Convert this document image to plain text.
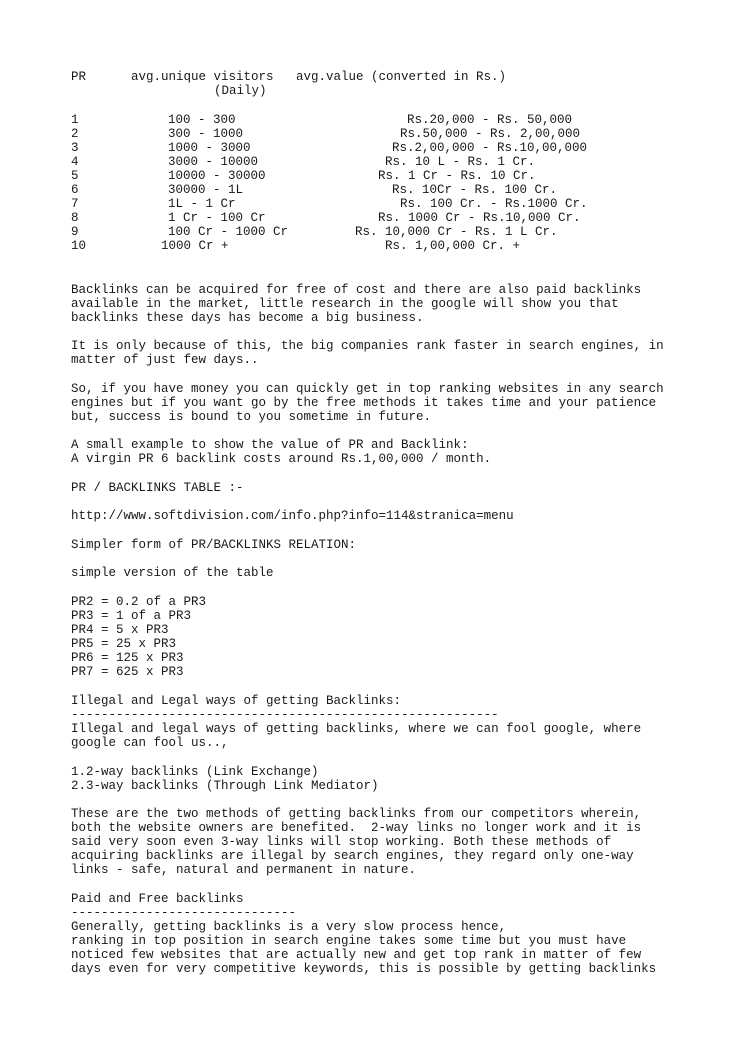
PR	avg.unique visitors avg.value (converted in Rs.)
(Daily)
1	100 - 300	Rs.20,000 - Rs. 50,000
2	300 - 1000	Rs.50,000 - Rs. 2,00,000
3	1000 - 3000	Rs.2,00,000 - Rs.10,00,000
4	3000 - 10000	Rs. 10 L - Rs. 1 Cr.
5	10000 - 30000	Rs. 1 Cr - Rs. 10 Cr.
6	30000 - 1L	Rs. 10Cr - Rs. 100 Cr.
7	1L - 1 Cr	Rs. 100 Cr. - Rs.1000 Cr.
8	1 Cr - 100 Cr	Rs. 1000 Cr - Rs.10,000 Cr.
9	100 Cr - 1000 Cr	Rs. 10,000 Cr - Rs. 1 L Cr.
10	1000 Cr +	Rs. 1,00,000 Cr. +
Backlinks can be acquired for free of cost and there are also paid backlinks
available in the market, little research in the google will show you that
backlinks these days has become a big business.
It is only because of this, the big companies rank faster in search engines, in
matter of just few days..
So, if you have money you can quickly get in top ranking websites in any search
engines but if you want go by the free methods it takes time and your patience
but, success is bound to you sometime in future.
A small example to show the value of PR and Backlink:
A virgin PR 6 backlink costs around Rs.1,00,000 / month.
PR / BACKLINKS TABLE :-
http://www.softdivision.com/info.php?info=114&stranica=menu
Simpler form of PR/BACKLINKS RELATION:
simple version of the table
PR2 = 0.2 of a PR3
PR3 = 1 of a PR3
PR4 = 5 x PR3
PR5 = 25 x PR3
PR6 = 125 x PR3
PR7 = 625 x PR3
Illegal and Legal ways of getting Backlinks:
---------------------------------------------------------
Illegal and legal ways of getting backlinks, where we can fool google, where
google can fool us..,
1.2-way backlinks (Link Exchange)
2.3-way backlinks (Through Link Mediator)
These are the two methods of getting backlinks from our competitors wherein,
both the website owners are benefited.  2-way links no longer work and it is
said very soon even 3-way links will stop working. Both these methods of
acquiring backlinks are illegal by search engines, they regard only one-way
links - safe, natural and permanent in nature.
Paid and Free backlinks
------------------------------
Generally, getting backlinks is a very slow process hence,
ranking in top position in search engine takes some time but you must have
noticed few websites that are actually new and get top rank in matter of few
days even for very competitive keywords, this is possible by getting backlinks
